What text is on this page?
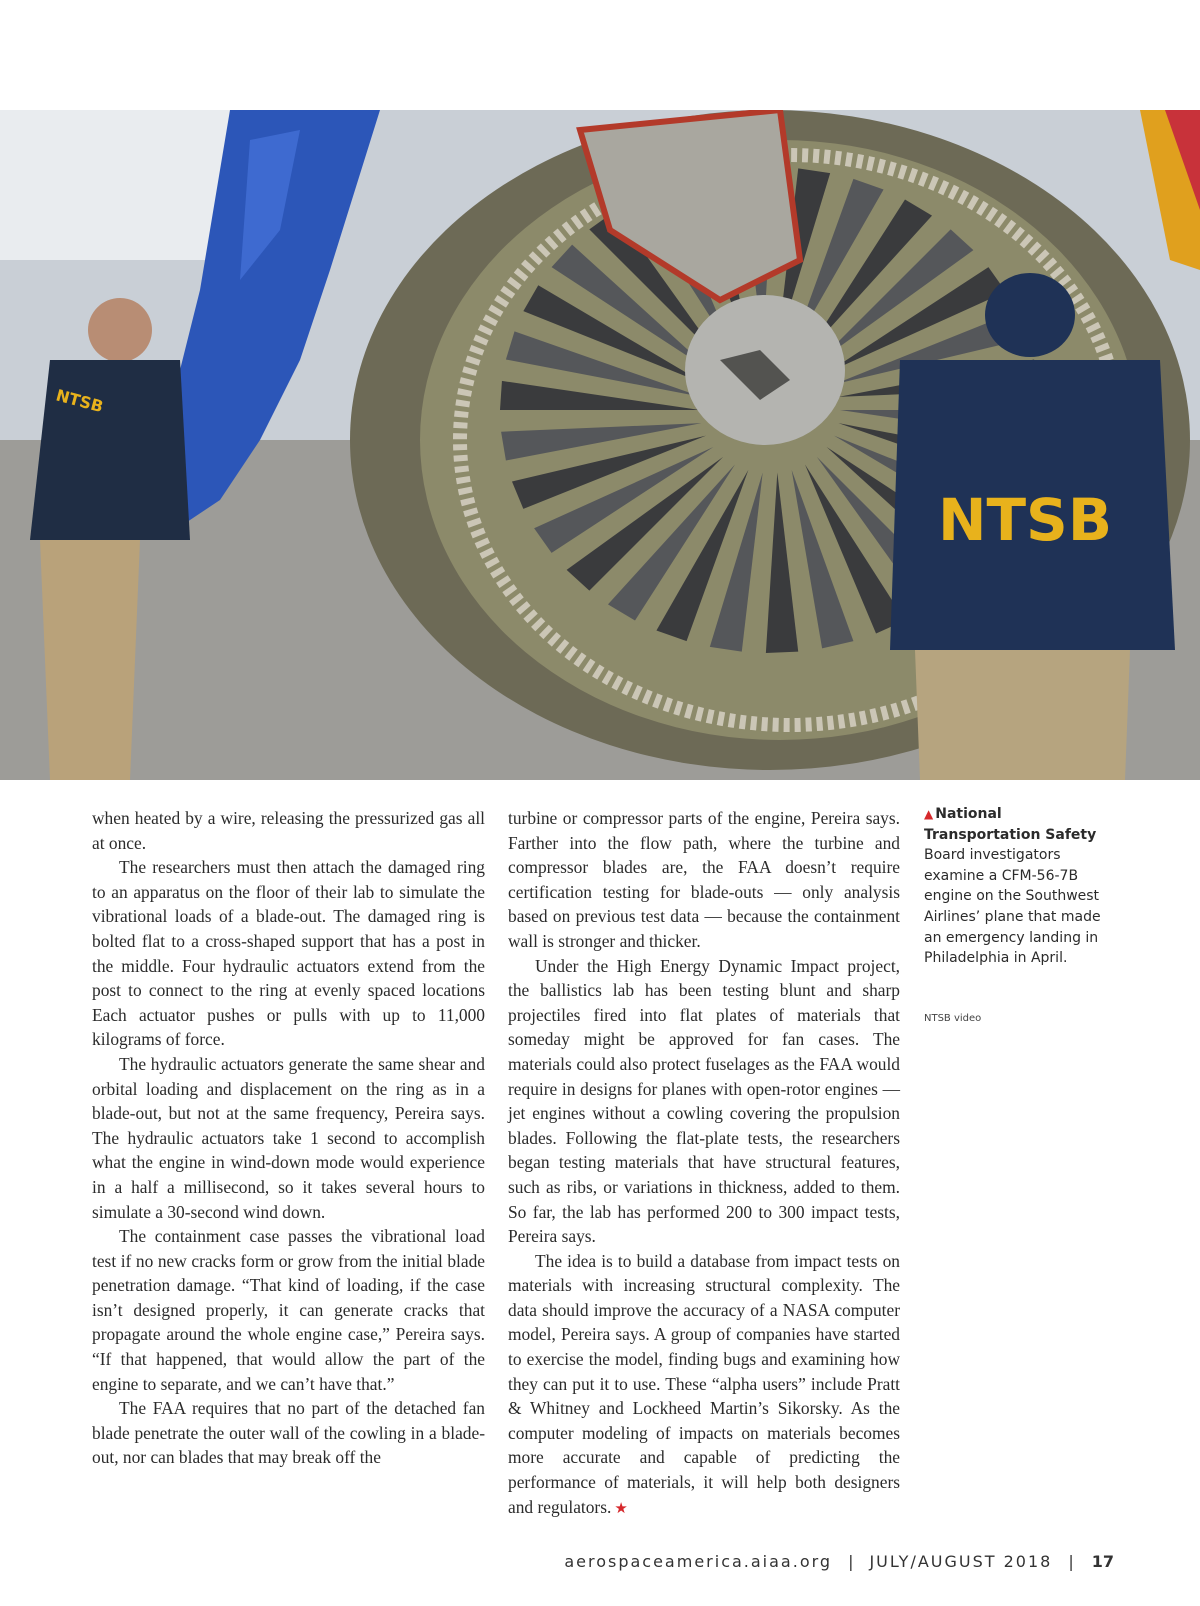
NTSB
NTSB

when heated by a wire, releasing the pressurized gas all at once.

The researchers must then attach the damaged ring to an apparatus on the floor of their lab to simulate the vibrational loads of a blade-out. The damaged ring is bolted flat to a cross-shaped support that has a post in the middle. Four hydraulic actuators extend from the post to connect to the ring at evenly spaced locations Each actuator pushes or pulls with up to 11,000 kilograms of force.

The hydraulic actuators generate the same shear and orbital loading and displacement on the ring as in a blade-out, but not at the same frequency, Pereira says. The hydraulic actuators take 1 second to accomplish what the engine in wind-down mode would experience in a half a millisecond, so it takes several hours to simulate a 30-second wind down.

The containment case passes the vibrational load test if no new cracks form or grow from the initial blade penetration damage. “That kind of loading, if the case isn’t designed properly, it can generate cracks that propagate around the whole engine case,” Pereira says. “If that happened, that would allow the part of the engine to separate, and we can’t have that.”

The FAA requires that no part of the detached fan blade penetrate the outer wall of the cowling in a blade-out, nor can blades that may break off the

turbine or compressor parts of the engine, Pereira says. Farther into the flow path, where the turbine and compressor blades are, the FAA doesn’t require certification testing for blade-outs — only analysis based on previous test data — because the containment wall is stronger and thicker.

Under the High Energy Dynamic Impact project, the ballistics lab has been testing blunt and sharp projectiles fired into flat plates of materials that someday might be approved for fan cases. The materials could also protect fuselages as the FAA would require in designs for planes with open-rotor engines — jet engines without a cowling covering the propulsion blades. Following the flat-plate tests, the researchers began testing materials that have structural features, such as ribs, or variations in thickness, added to them. So far, the lab has performed 200 to 300 impact tests, Pereira says.

The idea is to build a database from impact tests on materials with increasing structural complexity. The data should improve the accuracy of a NASA computer model, Pereira says. A group of companies have started to exercise the model, finding bugs and examining how they can put it to use. These “alpha users” include Pratt & Whitney and Lockheed Martin’s Sikorsky. As the computer modeling of impacts on materials becomes more accurate and capable of predicting the performance of materials, it will help both designers and regulators. ★

▲ National Transportation Safety Board investigators examine a CFM-56-7B engine on the Southwest Airlines’ plane that made an emergency landing in Philadelphia in April.
NTSB video
aerospaceamerica.aiaa.org | JULY/AUGUST 2018 | 17
